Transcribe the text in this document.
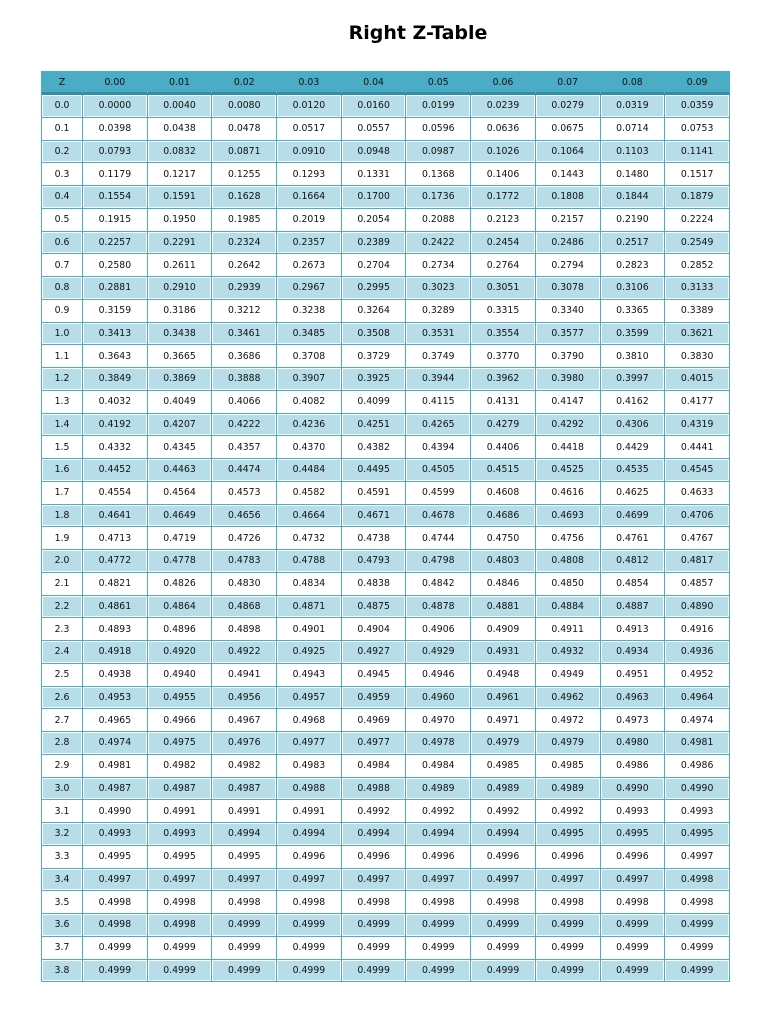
Right Z-Table
Z	0.00	0.01	0.02	0.03	0.04	0.05	0.06	0.07	0.08	0.09
0.0	0.0000	0.0040	0.0080	0.0120	0.0160	0.0199	0.0239	0.0279	0.0319	0.0359
0.1	0.0398	0.0438	0.0478	0.0517	0.0557	0.0596	0.0636	0.0675	0.0714	0.0753
0.2	0.0793	0.0832	0.0871	0.0910	0.0948	0.0987	0.1026	0.1064	0.1103	0.1141
0.3	0.1179	0.1217	0.1255	0.1293	0.1331	0.1368	0.1406	0.1443	0.1480	0.1517
0.4	0.1554	0.1591	0.1628	0.1664	0.1700	0.1736	0.1772	0.1808	0.1844	0.1879
0.5	0.1915	0.1950	0.1985	0.2019	0.2054	0.2088	0.2123	0.2157	0.2190	0.2224
0.6	0.2257	0.2291	0.2324	0.2357	0.2389	0.2422	0.2454	0.2486	0.2517	0.2549
0.7	0.2580	0.2611	0.2642	0.2673	0.2704	0.2734	0.2764	0.2794	0.2823	0.2852
0.8	0.2881	0.2910	0.2939	0.2967	0.2995	0.3023	0.3051	0.3078	0.3106	0.3133
0.9	0.3159	0.3186	0.3212	0.3238	0.3264	0.3289	0.3315	0.3340	0.3365	0.3389
1.0	0.3413	0.3438	0.3461	0.3485	0.3508	0.3531	0.3554	0.3577	0.3599	0.3621
1.1	0.3643	0.3665	0.3686	0.3708	0.3729	0.3749	0.3770	0.3790	0.3810	0.3830
1.2	0.3849	0.3869	0.3888	0.3907	0.3925	0.3944	0.3962	0.3980	0.3997	0.4015
1.3	0.4032	0.4049	0.4066	0.4082	0.4099	0.4115	0.4131	0.4147	0.4162	0.4177
1.4	0.4192	0.4207	0.4222	0.4236	0.4251	0.4265	0.4279	0.4292	0.4306	0.4319
1.5	0.4332	0.4345	0.4357	0.4370	0.4382	0.4394	0.4406	0.4418	0.4429	0.4441
1.6	0.4452	0.4463	0.4474	0.4484	0.4495	0.4505	0.4515	0.4525	0.4535	0.4545
1.7	0.4554	0.4564	0.4573	0.4582	0.4591	0.4599	0.4608	0.4616	0.4625	0.4633
1.8	0.4641	0.4649	0.4656	0.4664	0.4671	0.4678	0.4686	0.4693	0.4699	0.4706
1.9	0.4713	0.4719	0.4726	0.4732	0.4738	0.4744	0.4750	0.4756	0.4761	0.4767
2.0	0.4772	0.4778	0.4783	0.4788	0.4793	0.4798	0.4803	0.4808	0.4812	0.4817
2.1	0.4821	0.4826	0.4830	0.4834	0.4838	0.4842	0.4846	0.4850	0.4854	0.4857
2.2	0.4861	0.4864	0.4868	0.4871	0.4875	0.4878	0.4881	0.4884	0.4887	0.4890
2.3	0.4893	0.4896	0.4898	0.4901	0.4904	0.4906	0.4909	0.4911	0.4913	0.4916
2.4	0.4918	0.4920	0.4922	0.4925	0.4927	0.4929	0.4931	0.4932	0.4934	0.4936
2.5	0.4938	0.4940	0.4941	0.4943	0.4945	0.4946	0.4948	0.4949	0.4951	0.4952
2.6	0.4953	0.4955	0.4956	0.4957	0.4959	0.4960	0.4961	0.4962	0.4963	0.4964
2.7	0.4965	0.4966	0.4967	0.4968	0.4969	0.4970	0.4971	0.4972	0.4973	0.4974
2.8	0.4974	0.4975	0.4976	0.4977	0.4977	0.4978	0.4979	0.4979	0.4980	0.4981
2.9	0.4981	0.4982	0.4982	0.4983	0.4984	0.4984	0.4985	0.4985	0.4986	0.4986
3.0	0.4987	0.4987	0.4987	0.4988	0.4988	0.4989	0.4989	0.4989	0.4990	0.4990
3.1	0.4990	0.4991	0.4991	0.4991	0.4992	0.4992	0.4992	0.4992	0.4993	0.4993
3.2	0.4993	0.4993	0.4994	0.4994	0.4994	0.4994	0.4994	0.4995	0.4995	0.4995
3.3	0.4995	0.4995	0.4995	0.4996	0.4996	0.4996	0.4996	0.4996	0.4996	0.4997
3.4	0.4997	0.4997	0.4997	0.4997	0.4997	0.4997	0.4997	0.4997	0.4997	0.4998
3.5	0.4998	0.4998	0.4998	0.4998	0.4998	0.4998	0.4998	0.4998	0.4998	0.4998
3.6	0.4998	0.4998	0.4999	0.4999	0.4999	0.4999	0.4999	0.4999	0.4999	0.4999
3.7	0.4999	0.4999	0.4999	0.4999	0.4999	0.4999	0.4999	0.4999	0.4999	0.4999
3.8	0.4999	0.4999	0.4999	0.4999	0.4999	0.4999	0.4999	0.4999	0.4999	0.4999
